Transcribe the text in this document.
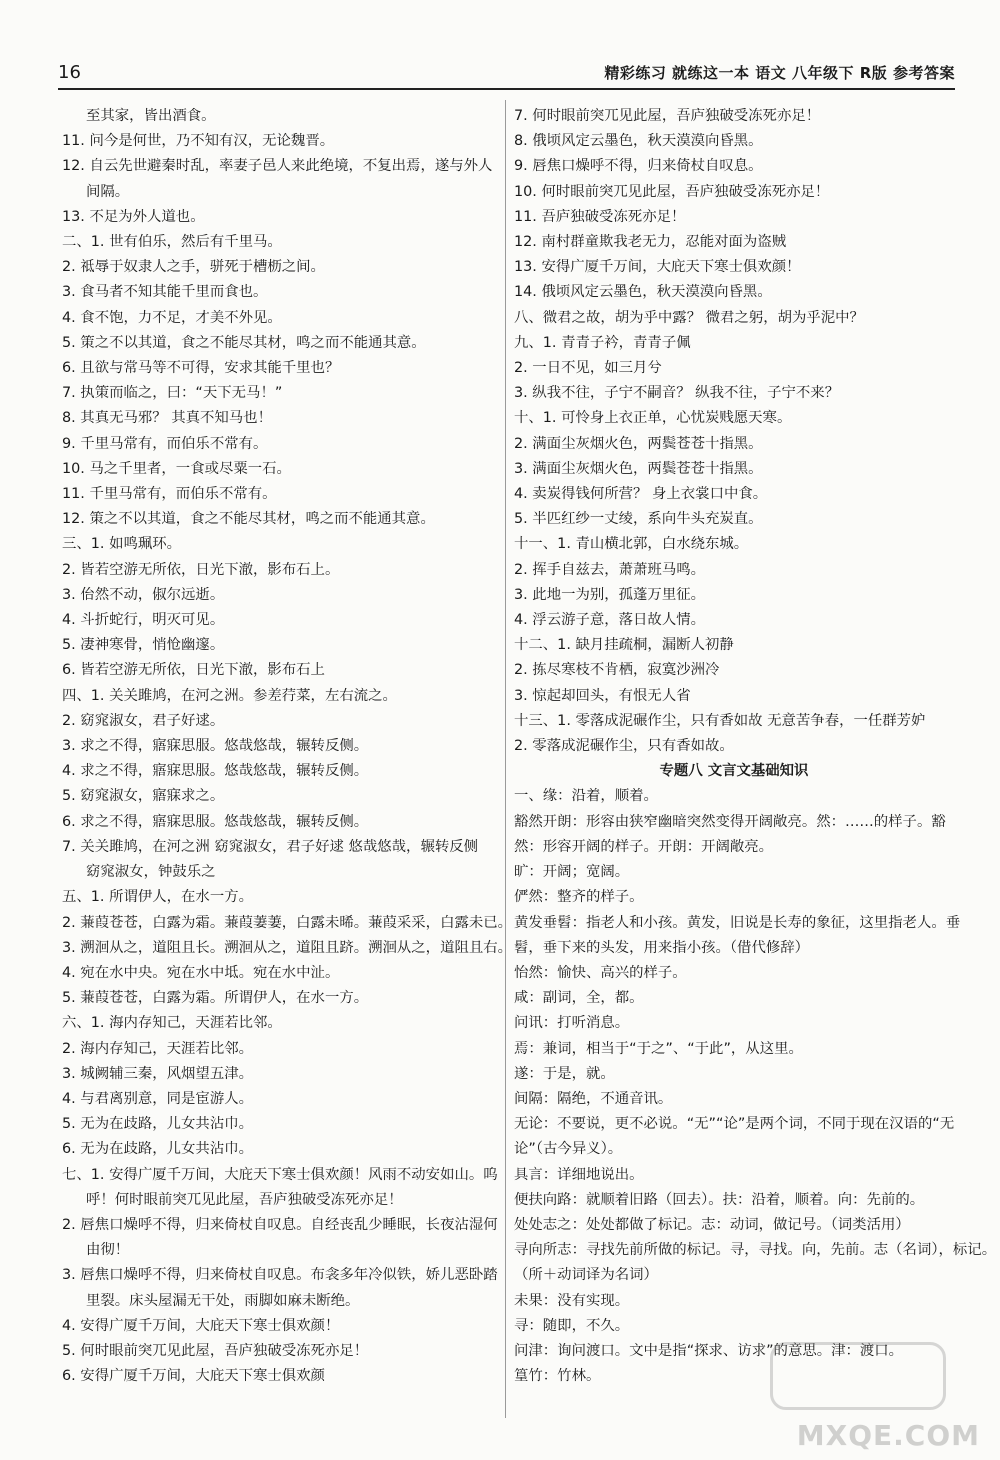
16	精彩练习 就练这一本 语文 八年级下 R版 参考答案
至其家，皆出酒食。
11. 问今是何世，乃不知有汉，无论魏晋。
12. 自云先世避秦时乱，率妻子邑人来此绝境，不复出焉，遂与外人
间隔。
13. 不足为外人道也。
二、1. 世有伯乐，然后有千里马。
2. 祗辱于奴隶人之手，骈死于槽枥之间。
3. 食马者不知其能千里而食也。
4. 食不饱，力不足，才美不外见。
5. 策之不以其道，食之不能尽其材，鸣之而不能通其意。
6. 且欲与常马等不可得，安求其能千里也？
7. 执策而临之，曰：“天下无马！”
8. 其真无马邪？ 其真不知马也！
9. 千里马常有，而伯乐不常有。
10. 马之千里者，一食或尽粟一石。
11. 千里马常有，而伯乐不常有。
12. 策之不以其道，食之不能尽其材，鸣之而不能通其意。
三、1. 如鸣珮环。
2. 皆若空游无所依，日光下澈，影布石上。
3. 佁然不动，俶尔远逝。
4. 斗折蛇行，明灭可见。
5. 凄神寒骨，悄怆幽邃。
6. 皆若空游无所依，日光下澈，影布石上
四、1. 关关雎鸠，在河之洲。参差荇菜，左右流之。
2. 窈窕淑女，君子好逑。
3. 求之不得，寤寐思服。悠哉悠哉，辗转反侧。
4. 求之不得，寤寐思服。悠哉悠哉，辗转反侧。
5. 窈窕淑女，寤寐求之。
6. 求之不得，寤寐思服。悠哉悠哉，辗转反侧。
7. 关关雎鸠，在河之洲 窈窕淑女，君子好逑 悠哉悠哉，辗转反侧
窈窕淑女，钟鼓乐之
五、1. 所谓伊人，在水一方。
2. 蒹葭苍苍，白露为霜。蒹葭萋萋，白露未晞。蒹葭采采，白露未已。
3. 溯洄从之，道阻且长。溯洄从之，道阻且跻。溯洄从之，道阻且右。
4. 宛在水中央。宛在水中坻。宛在水中沚。
5. 蒹葭苍苍，白露为霜。所谓伊人，在水一方。
六、1. 海内存知己，天涯若比邻。
2. 海内存知己，天涯若比邻。
3. 城阙辅三秦，风烟望五津。
4. 与君离别意，同是宦游人。
5. 无为在歧路，儿女共沾巾。
6. 无为在歧路，儿女共沾巾。
七、1. 安得广厦千万间，大庇天下寒士俱欢颜！风雨不动安如山。呜
呼！何时眼前突兀见此屋，吾庐独破受冻死亦足！
2. 唇焦口燥呼不得，归来倚杖自叹息。自经丧乱少睡眠，长夜沾湿何
由彻！
3. 唇焦口燥呼不得，归来倚杖自叹息。布衾多年冷似铁，娇儿恶卧踏
里裂。床头屋漏无干处，雨脚如麻未断绝。
4. 安得广厦千万间，大庇天下寒士俱欢颜！
5. 何时眼前突兀见此屋，吾庐独破受冻死亦足！
6. 安得广厦千万间，大庇天下寒士俱欢颜
7. 何时眼前突兀见此屋，吾庐独破受冻死亦足！
8. 俄顷风定云墨色，秋天漠漠向昏黑。
9. 唇焦口燥呼不得，归来倚杖自叹息。
10. 何时眼前突兀见此屋，吾庐独破受冻死亦足！
11. 吾庐独破受冻死亦足！
12. 南村群童欺我老无力，忍能对面为盗贼
13. 安得广厦千万间，大庇天下寒士俱欢颜！
14. 俄顷风定云墨色，秋天漠漠向昏黑。
八、微君之故，胡为乎中露？ 微君之躬，胡为乎泥中？
九、1. 青青子衿，青青子佩
2. 一日不见，如三月兮
3. 纵我不往，子宁不嗣音？ 纵我不往，子宁不来？
十、1. 可怜身上衣正单，心忧炭贱愿天寒。
2. 满面尘灰烟火色，两鬓苍苍十指黑。
3. 满面尘灰烟火色，两鬓苍苍十指黑。
4. 卖炭得钱何所营？ 身上衣裳口中食。
5. 半匹红纱一丈绫，系向牛头充炭直。
十一、1. 青山横北郭，白水绕东城。
2. 挥手自兹去，萧萧班马鸣。
3. 此地一为别，孤蓬万里征。
4. 浮云游子意，落日故人情。
十二、1. 缺月挂疏桐，漏断人初静
2. 拣尽寒枝不肯栖，寂寞沙洲冷
3. 惊起却回头，有恨无人省
十三、1. 零落成泥碾作尘，只有香如故 无意苦争春，一任群芳妒
2. 零落成泥碾作尘，只有香如故。
专题八 文言文基础知识
一、缘：沿着，顺着。
豁然开朗：形容由狭窄幽暗突然变得开阔敞亮。然：……的样子。豁
然：形容开阔的样子。开朗：开阔敞亮。
旷：开阔；宽阔。
俨然：整齐的样子。
黄发垂髫：指老人和小孩。黄发，旧说是长寿的象征，这里指老人。垂
髫，垂下来的头发，用来指小孩。（借代修辞）
怡然：愉快、高兴的样子。
咸：副词，全，都。
问讯：打听消息。
焉：兼词，相当于“于之”、“于此”，从这里。
遂：于是，就。
间隔：隔绝，不通音讯。
无论：不要说，更不必说。“无”“论”是两个词，不同于现在汉语的“无
论”（古今异义）。
具言：详细地说出。
便扶向路：就顺着旧路（回去）。扶：沿着，顺着。向：先前的。
处处志之：处处都做了标记。志：动词，做记号。（词类活用）
寻向所志：寻找先前所做的标记。寻，寻找。向，先前。志（名词），标记。
（所＋动词译为名词）
未果：没有实现。
寻：随即，不久。
问津：询问渡口。文中是指“探求、访求”的意思。津：渡口。
篁竹：竹林。
MXQE.COM
